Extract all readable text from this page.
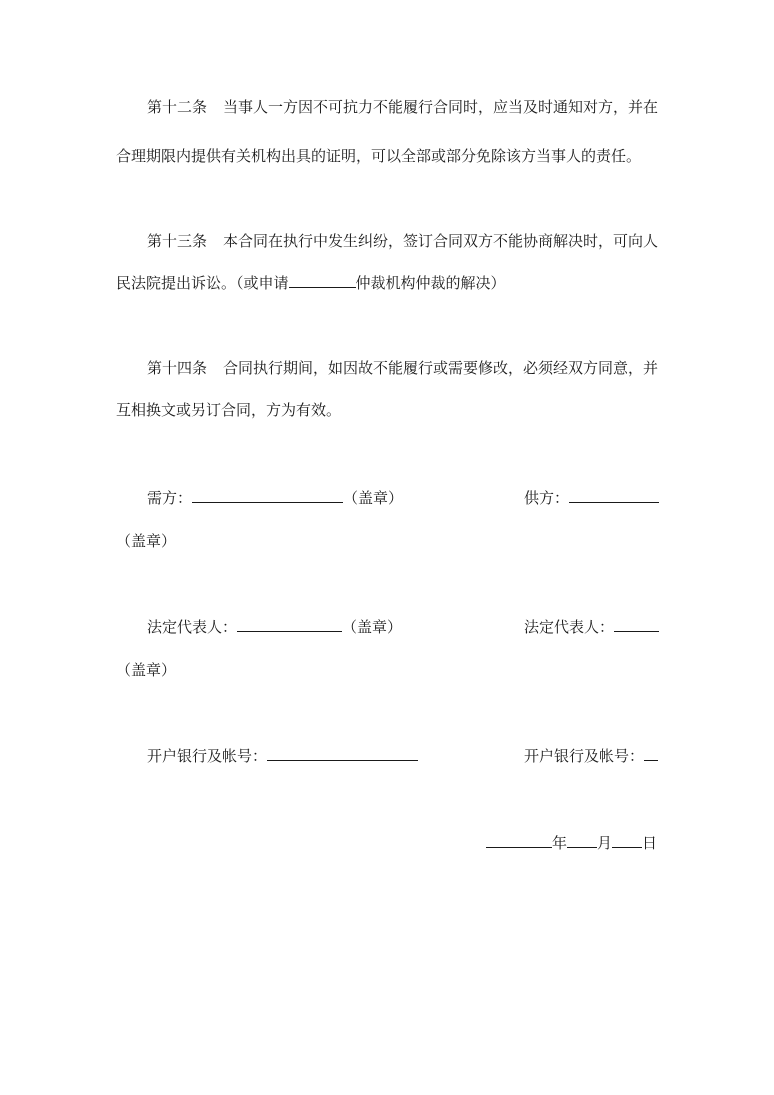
第十二条 当事人一方因不可抗力不能履行合同时，应当及时通知对方，并在
合理期限内提供有关机构出具的证明，可以全部或部分免除该方当事人的责任。
第十三条 本合同在执行中发生纠纷，签订合同双方不能协商解决时，可向人
民法院提出诉讼。（或申请	仲裁机构仲裁的解决）
第十四条 合同执行期间，如因故不能履行或需要修改，必须经双方同意，并
互相换文或另订合同，方为有效。
需方：	（盖章）	供方：
（盖章）
法定代表人：	（盖章）	法定代表人：
（盖章）
开户银行及帐号：	开户银行及帐号：
年 月 日
